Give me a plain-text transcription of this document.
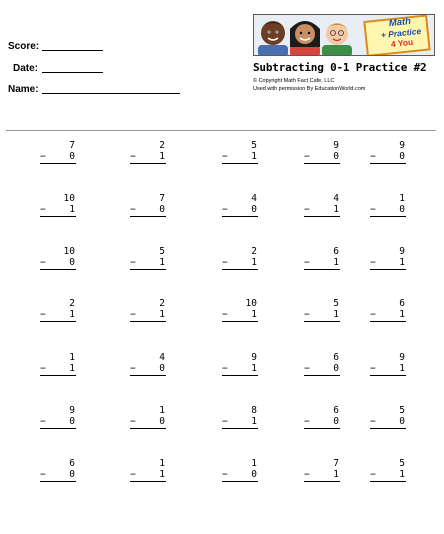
Score:
Date:
Name:
Math
+ Practice
4 You
Subtracting 0-1 Practice #2
© Copyright Math Fact Cafe, LLC
Used with permission By EducationWorld.com
7
− 0
2
− 1
5
− 1
9
− 0
9
− 0
10
− 1
7
− 0
4
− 0
4
− 1
1
− 0
10
− 0
5
− 1
2
− 1
6
− 1
9
− 1
2
− 1
2
− 1
10
− 1
5
− 1
6
− 1
1
− 1
4
− 0
9
− 1
6
− 0
9
− 1
9
− 0
1
− 0
8
− 1
6
− 0
5
− 0
6
− 0
1
− 1
1
− 0
7
− 1
5
− 1
